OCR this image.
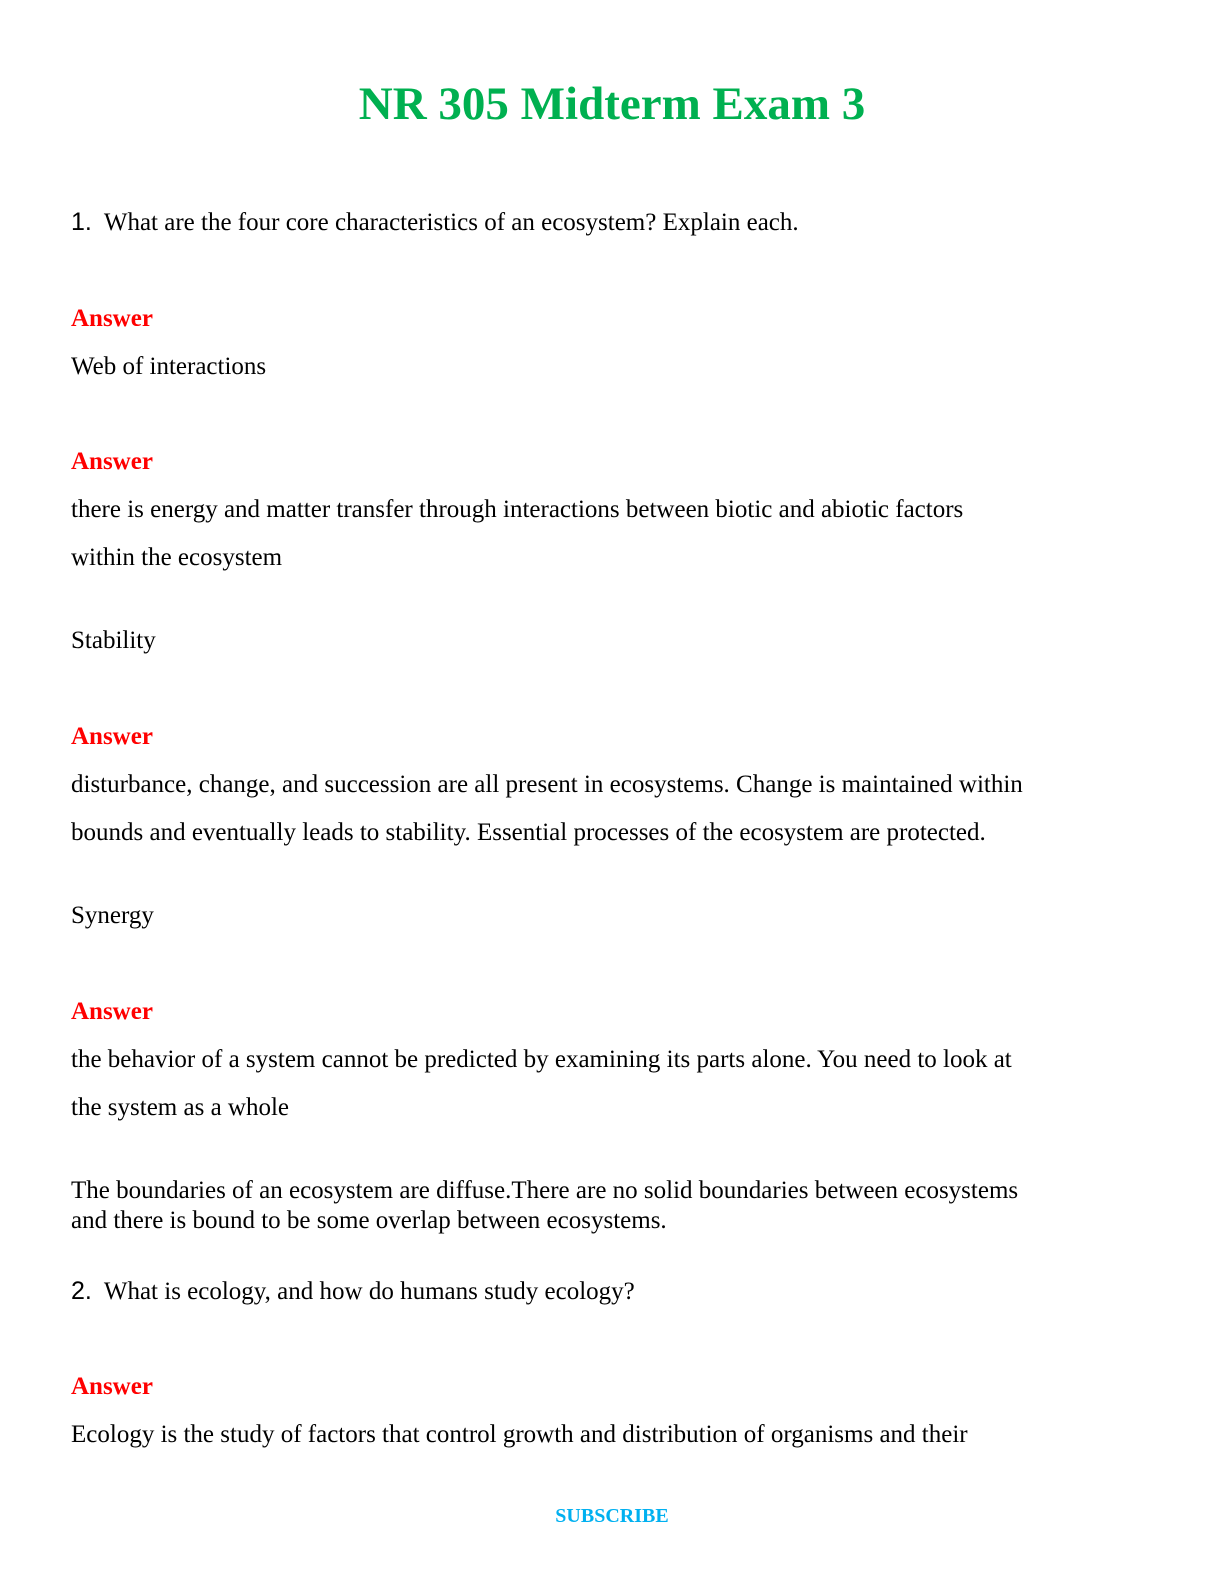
NR 305 Midterm Exam 3

1. What are the four core characteristics of an ecosystem? Explain each.

Answer
Web of interactions

Answer
there is energy and matter transfer through interactions between biotic and abiotic factors
within the ecosystem

Stability

Answer
disturbance, change, and succession are all present in ecosystems. Change is maintained within
bounds and eventually leads to stability. Essential processes of the ecosystem are protected.

Synergy

Answer
the behavior of a system cannot be predicted by examining its parts alone. You need to look at
the system as a whole

The boundaries of an ecosystem are diffuse.There are no solid boundaries between ecosystems
and there is bound to be some overlap between ecosystems.

2. What is ecology, and how do humans study ecology?

Answer
Ecology is the study of factors that control growth and distribution of organisms and their

SUBSCRIBE
